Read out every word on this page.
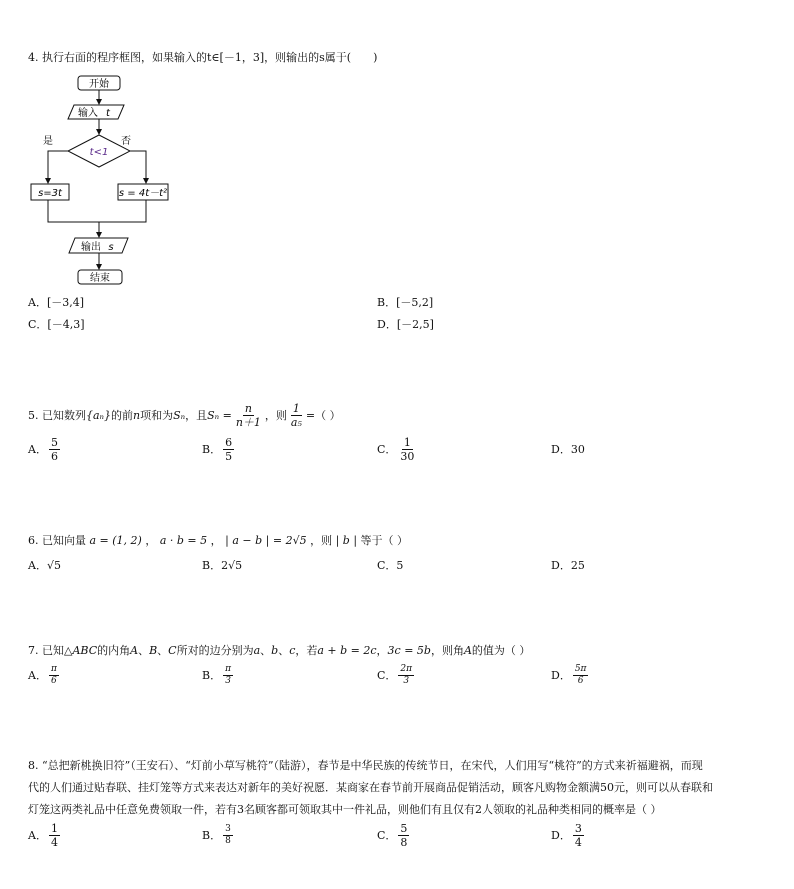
4. 执行右面的程序框图，如果输入的t∈[－1，3]，则输出的s属于(　　)
开始
输入 t
t<1
是	否
s=3t	s = 4t－t²
输出 s
结束
A．[－3,4]	B．[－5,2]
C．[－4,3]	D．[－2,5]
5. 已知数列 {aₙ} 的前 n 项和为 Sₙ ，且 $S_n = \frac{n}{n+1}$ ，则 $\frac{1}{\text{a₅}}$ =（ ）
A． $\frac{5}{6}$	B． $\frac{6}{5}$	C． $\frac{1}{30}$	D． 30
6. 已知向量 a = (1, 2) ， a · b = 5 ， | a − b | = 2√5 ，则 | b | 等于（ ）
A．√5	B．2√5	C．5	D．25
7. 已知△ABC的内角A、B、C所对的边分别为a、b、c，若a + b = 2c，3c = 5b，则角A的值为（ ）
A． $\frac{\pi}{6}$	B． $\frac{\pi}{3}$	C． $\frac{2\pi}{3}$	D． $\frac{5\pi}{6}$
8. “总把新桃换旧符”（王安石）、“灯前小草写桃符”（陆游），春节是中华民族的传统节日，在宋代，人们用写“桃符”的方式来祈福避祸，而现
代的人们通过贴春联、挂灯笼等方式来表达对新年的美好祝愿．某商家在春节前开展商品促销活动，顾客凡购物金额满50元，则可以从春联和
灯笼这两类礼品中任意免费领取一件，若有3名顾客都可领取其中一件礼品，则他们有且仅有2人领取的礼品种类相同的概率是（ ）
A． $\frac{1}{4}$	B． $\frac{3}{8}$	C． $\frac{5}{8}$	D． $\frac{3}{4}$
